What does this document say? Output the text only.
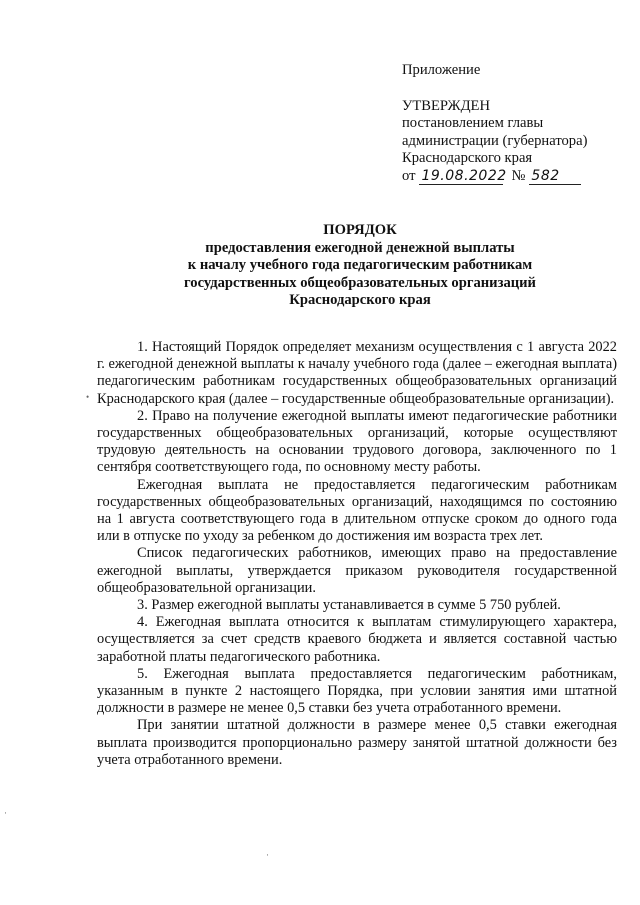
Приложение
УТВЕРЖДЕН
постановлением главы
администрации (губернатора)
Краснодарского края
от 19.08.2022 № 582
ПОРЯДОК
предоставления ежегодной денежной выплаты
к началу учебного года педагогическим работникам
государственных общеобразовательных организаций
Краснодарского края

1. Настоящий Порядок определяет механизм осуществления с 1 августа 2022 г. ежегодной денежной выплаты к началу учебного года (далее – ежегодная выплата) педагогическим работникам государственных общеобразовательных организаций Краснодарского края (далее – государственные общеобразовательные организации).

2. Право на получение ежегодной выплаты имеют педагогические работники государственных общеобразовательных организаций, которые осуществляют трудовую деятельность на основании трудового договора, заключенного по 1 сентября соответствующего года, по основному месту работы.

Ежегодная выплата не предоставляется педагогическим работникам государственных общеобразовательных организаций, находящимся по состоянию на 1 августа соответствующего года в длительном отпуске сроком до одного года или в отпуске по уходу за ребенком до достижения им возраста трех лет.

Список педагогических работников, имеющих право на предоставление ежегодной выплаты, утверждается приказом руководителя государственной общеобразовательной организации.

3. Размер ежегодной выплаты устанавливается в сумме 5 750 рублей.

4. Ежегодная выплата относится к выплатам стимулирующего характера, осуществляется за счет средств краевого бюджета и является составной частью заработной платы педагогического работника.

5. Ежегодная выплата предоставляется педагогическим работникам, указанным в пункте 2 настоящего Порядка, при условии занятия ими штатной должности в размере не менее 0,5 ставки без учета отработанного времени.

При занятии штатной должности в размере менее 0,5 ставки ежегодная выплата производится пропорционально размеру занятой штатной должности без учета отработанного времени.

•
·
·
